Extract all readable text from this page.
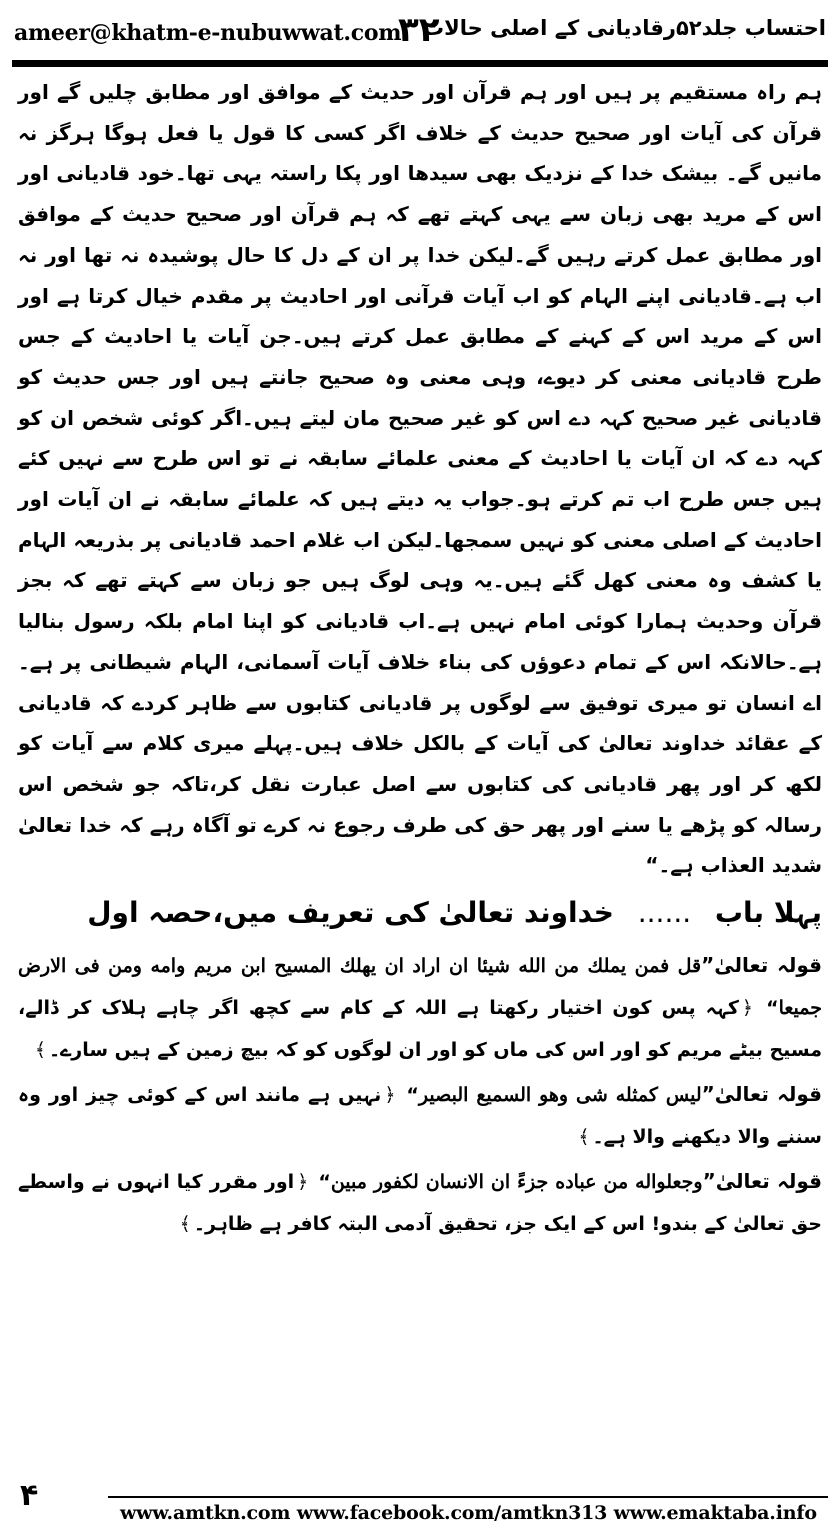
ameer@khatm-e-nubuwwat.com
۳۲
احتساب جلد۵۲رقادیانی کے اصلی حالات

ہم راہ مستقیم پر ہیں اور ہم قرآن اور حدیث کے موافق اور مطابق چلیں گے اور قرآن کی آیات اور صحیح حدیث کے خلاف اگر کسی کا قول یا فعل ہوگا ہرگز نہ مانیں گے۔ بیشک خدا کے نزدیک بھی سیدھا اور پکا راستہ یہی تھا۔خود قادیانی اور اس کے مرید بھی زبان سے یہی کہتے تھے کہ ہم قرآن اور صحیح حدیث کے موافق اور مطابق عمل کرتے رہیں گے۔لیکن خدا پر ان کے دل کا حال پوشیدہ نہ تھا اور نہ اب ہے۔قادیانی اپنے الہام کو اب آیات قرآنی اور احادیث پر مقدم خیال کرتا ہے اور اس کے مرید اس کے کہنے کے مطابق عمل کرتے ہیں۔جن آیات یا احادیث کے جس طرح قادیانی معنی کر دیوے، وہی معنی وہ صحیح جانتے ہیں اور جس حدیث کو قادیانی غیر صحیح کہہ دے اس کو غیر صحیح مان لیتے ہیں۔اگر کوئی شخص ان کو کہہ دے کہ ان آیات یا احادیث کے معنی علمائے سابقہ نے تو اس طرح سے نہیں کئے ہیں جس طرح اب تم کرتے ہو۔جواب یہ دیتے ہیں کہ علمائے سابقہ نے ان آیات اور احادیث کے اصلی معنی کو نہیں سمجھا۔لیکن اب غلام احمد قادیانی پر بذریعہ الہام یا کشف وہ معنی کھل گئے ہیں۔یہ وہی لوگ ہیں جو زبان سے کہتے تھے کہ بجز قرآن وحدیث ہمارا کوئی امام نہیں ہے۔اب قادیانی کو اپنا امام بلکہ رسول بنالیا ہے۔حالانکہ اس کے تمام دعوؤں کی بناء خلاف آیات آسمانی، الہام شیطانی پر ہے۔اے انسان تو میری توفیق سے لوگوں پر قادیانی کتابوں سے ظاہر کردے کہ قادیانی کے عقائد خداوند تعالیٰ کی آیات کے بالکل خلاف ہیں۔پہلے میری کلام سے آیات کو لکھ کر اور پھر قادیانی کی کتابوں سے اصل عبارت نقل کر،تاکہ جو شخص اس رسالہ کو پڑھے یا سنے اور پھر حق کی طرف رجوع نہ کرے تو آگاہ رہے کہ خدا تعالیٰ شدید العذاب ہے۔“

پہلا باب ...... خداوند تعالیٰ کی تعریف میں،حصہ اول

قولہ تعالیٰ”قل فمن يملك من الله شيئا ان اراد ان يهلك المسيح ابن مريم وامه ومن فى الارض جميعا“ ﴿کہہ پس کون اختیار رکھتا ہے اللہ کے کام سے کچھ اگر چاہے ہلاک کر ڈالے، مسیح بیٹے مریم کو اور اس کی ماں کو اور ان لوگوں کو کہ بیچ زمین کے ہیں سارے۔﴾

قولہ تعالیٰ”ليس كمثله شى وهو السميع البصير“ ﴿نہیں ہے مانند اس کے کوئی چیز اور وہ سننے والا دیکھنے والا ہے۔﴾

قولہ تعالیٰ”وجعلواله من عباده جزءً ان الانسان لكفور مبين“ ﴿اور مقرر کیا انہوں نے واسطے حق تعالیٰ کے بندو! اس کے ایک جز، تحقیق آدمی البتہ کافر ہے ظاہر۔﴾

۴	www.amtkn.com www.facebook.com/amtkn313 www.emaktaba.info
